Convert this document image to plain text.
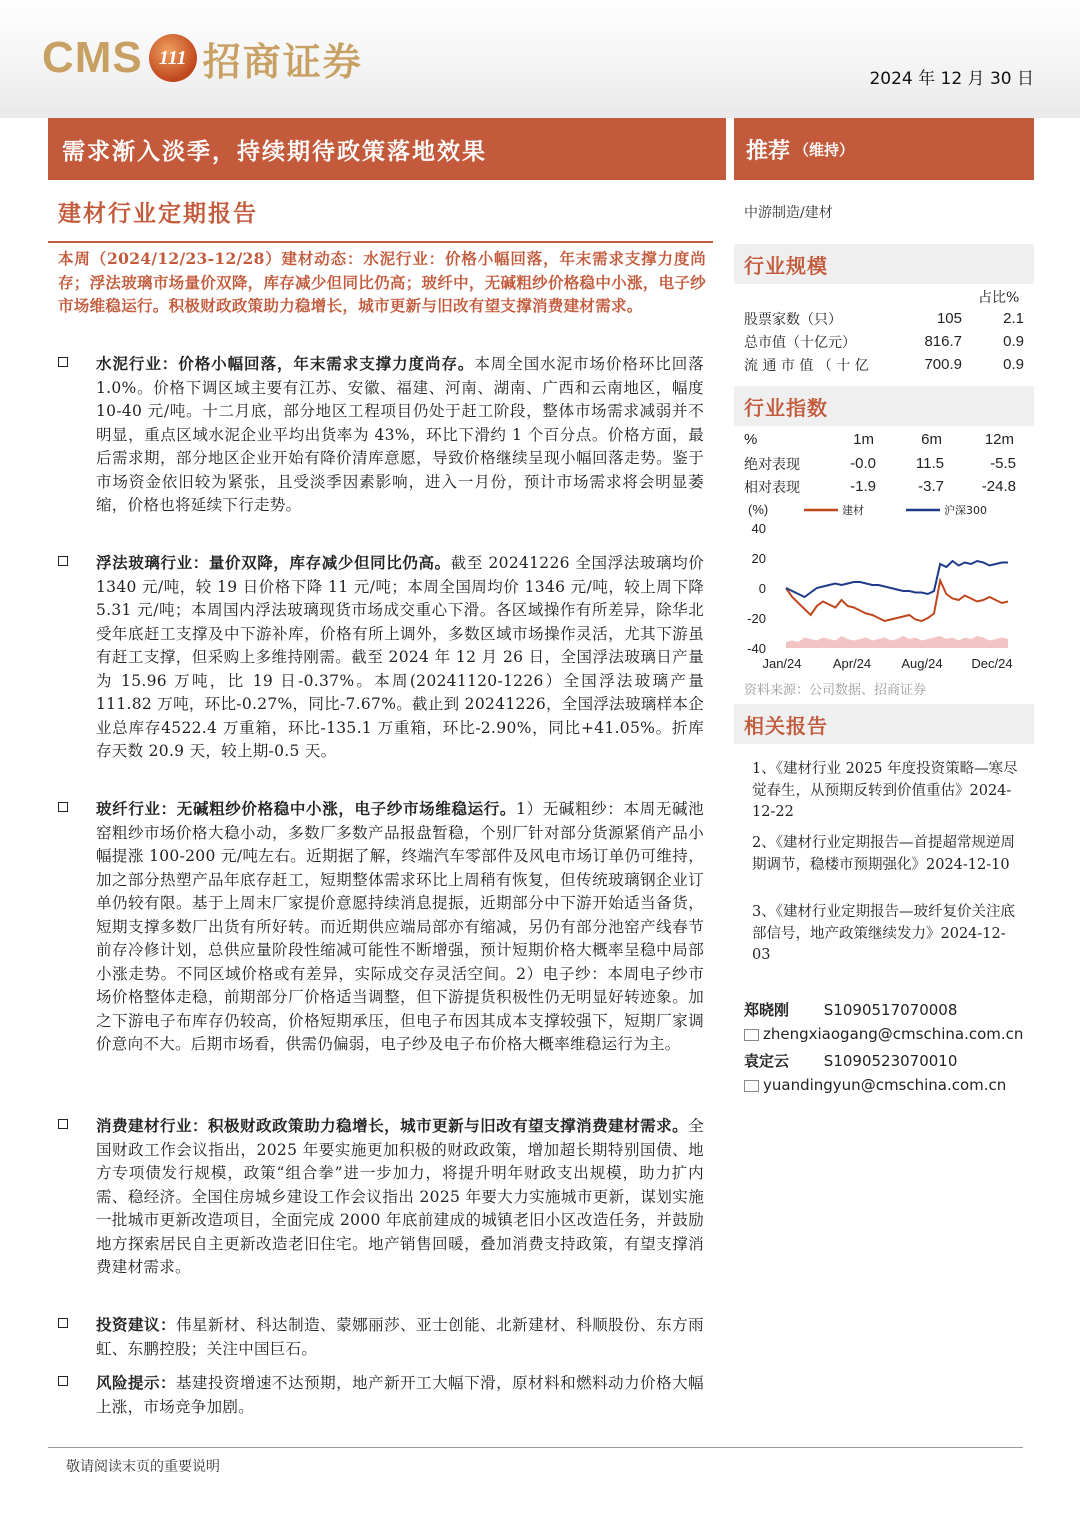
CMS 111 招商证券	2024 年 12 月 30 日
需求渐入淡季，持续期待政策落地效果	推荐 （维持）
建材行业定期报告	中游制造/建材
本周（2024/12/23-12/28）建材动态：水泥行业：价格小幅回落，年末需求支撑力度尚存；浮法玻璃市场量价双降，库存减少但同比仍高；玻纤中，无碱粗纱价格稳中小涨，电子纱市场维稳运行。积极财政政策助力稳增长，城市更新与旧改有望支撑消费建材需求。
水泥行业：价格小幅回落，年末需求支撑力度尚存。本周全国水泥市场价格环比回落 1.0%。价格下调区域主要有江苏、安徽、福建、河南、湖南、广西和云南地区，幅度 10-40 元/吨。十二月底，部分地区工程项目仍处于赶工阶段，整体市场需求减弱并不明显，重点区域水泥企业平均出货率为 43%，环比下滑约 1 个百分点。价格方面，最后需求期，部分地区企业开始有降价清库意愿，导致价格继续呈现小幅回落走势。鉴于市场资金依旧较为紧张，且受淡季因素影响，进入一月份，预计市场需求将会明显萎缩，价格也将延续下行走势。
浮法玻璃行业：量价双降，库存减少但同比仍高。截至 20241226 全国浮法玻璃均价 1340 元/吨，较 19 日价格下降 11 元/吨；本周全国周均价 1346 元/吨，较上周下降 5.31 元/吨；本周国内浮法玻璃现货市场成交重心下滑。各区域操作有所差异，除华北受年底赶工支撑及中下游补库，价格有所上调外，多数区域市场操作灵活，尤其下游虽有赶工支撑，但采购上多维持刚需。截至 2024 年 12 月 26 日，全国浮法玻璃日产量为 15.96 万吨，比 19 日-0.37%。本周(20241120-1226）全国浮法玻璃产量 111.82 万吨，环比-0.27%，同比-7.67%。截止到 20241226，全国浮法玻璃样本企业总库存4522.4 万重箱，环比-135.1 万重箱，环比-2.90%，同比+41.05%。折库存天数 20.9 天，较上期-0.5 天。
玻纤行业：无碱粗纱价格稳中小涨，电子纱市场维稳运行。1）无碱粗纱：本周无碱池窑粗纱市场价格大稳小动，多数厂多数产品报盘暂稳，个别厂针对部分货源紧俏产品小幅提涨 100-200 元/吨左右。近期据了解，终端汽车零部件及风电市场订单仍可维持，加之部分热塑产品年底存赶工，短期整体需求环比上周稍有恢复，但传统玻璃钢企业订单仍较有限。基于上周末厂家提价意愿持续消息提振，近期部分中下游开始适当备货，短期支撑多数厂出货有所好转。而近期供应端局部亦有缩减，另仍有部分池窑产线春节前存冷修计划，总供应量阶段性缩减可能性不断增强，预计短期价格大概率呈稳中局部小涨走势。不同区域价格或有差异，实际成交存灵活空间。2）电子纱：本周电子纱市场价格整体走稳，前期部分厂价格适当调整，但下游提货积极性仍无明显好转迹象。加之下游电子布库存仍较高，价格短期承压，但电子布因其成本支撑较强下，短期厂家调价意向不大。后期市场看，供需仍偏弱，电子纱及电子布价格大概率维稳运行为主。
消费建材行业：积极财政政策助力稳增长，城市更新与旧改有望支撑消费建材需求。全国财政工作会议指出，2025 年要实施更加积极的财政政策，增加超长期特别国债、地方专项债发行规模，政策“组合拳”进一步加力，将提升明年财政支出规模，助力扩内需、稳经济。全国住房城乡建设工作会议指出 2025 年要大力实施城市更新，谋划实施一批城市更新改造项目，全面完成 2000 年底前建成的城镇老旧小区改造任务，并鼓励地方探索居民自主更新改造老旧住宅。地产销售回暖，叠加消费支持政策，有望支撑消费建材需求。
投资建议：伟星新材、科达制造、蒙娜丽莎、亚士创能、北新建材、科顺股份、东方雨虹、东鹏控股；关注中国巨石。
风险提示：基建投资增速不达预期，地产新开工大幅下滑，原材料和燃料动力价格大幅上涨，市场竞争加剧。
行业规模
占比%
股票家数（只）	105	2.1
总市值（十亿元）	816.7	0.9
流 通 市 值 （ 十 亿	700.9	0.9
行业指数
%	1m	6m	12m
绝对表现	-0.0	11.5	-5.5
相对表现	-1.9	-3.7	-24.8
(%)	建材	沪深300
40
20
0
-20
-40
Jan/24 Apr/24 Aug/24 Dec/24
资料来源：公司数据、招商证券
相关报告
1、《建材行业 2025 年度投资策略—寒尽觉春生，从预期反转到价值重估》2024-12-22
2、《建材行业定期报告—首提超常规逆周期调节，稳楼市预期强化》2024-12-10
3、《建材行业定期报告—玻纤复价关注底部信号，地产政策继续发力》2024-12-03
郑晓刚 S1090517070008
zhengxiaogang@cmschina.com.cn
袁定云 S1090523070010
yuandingyun@cmschina.com.cn
敬请阅读末页的重要说明
